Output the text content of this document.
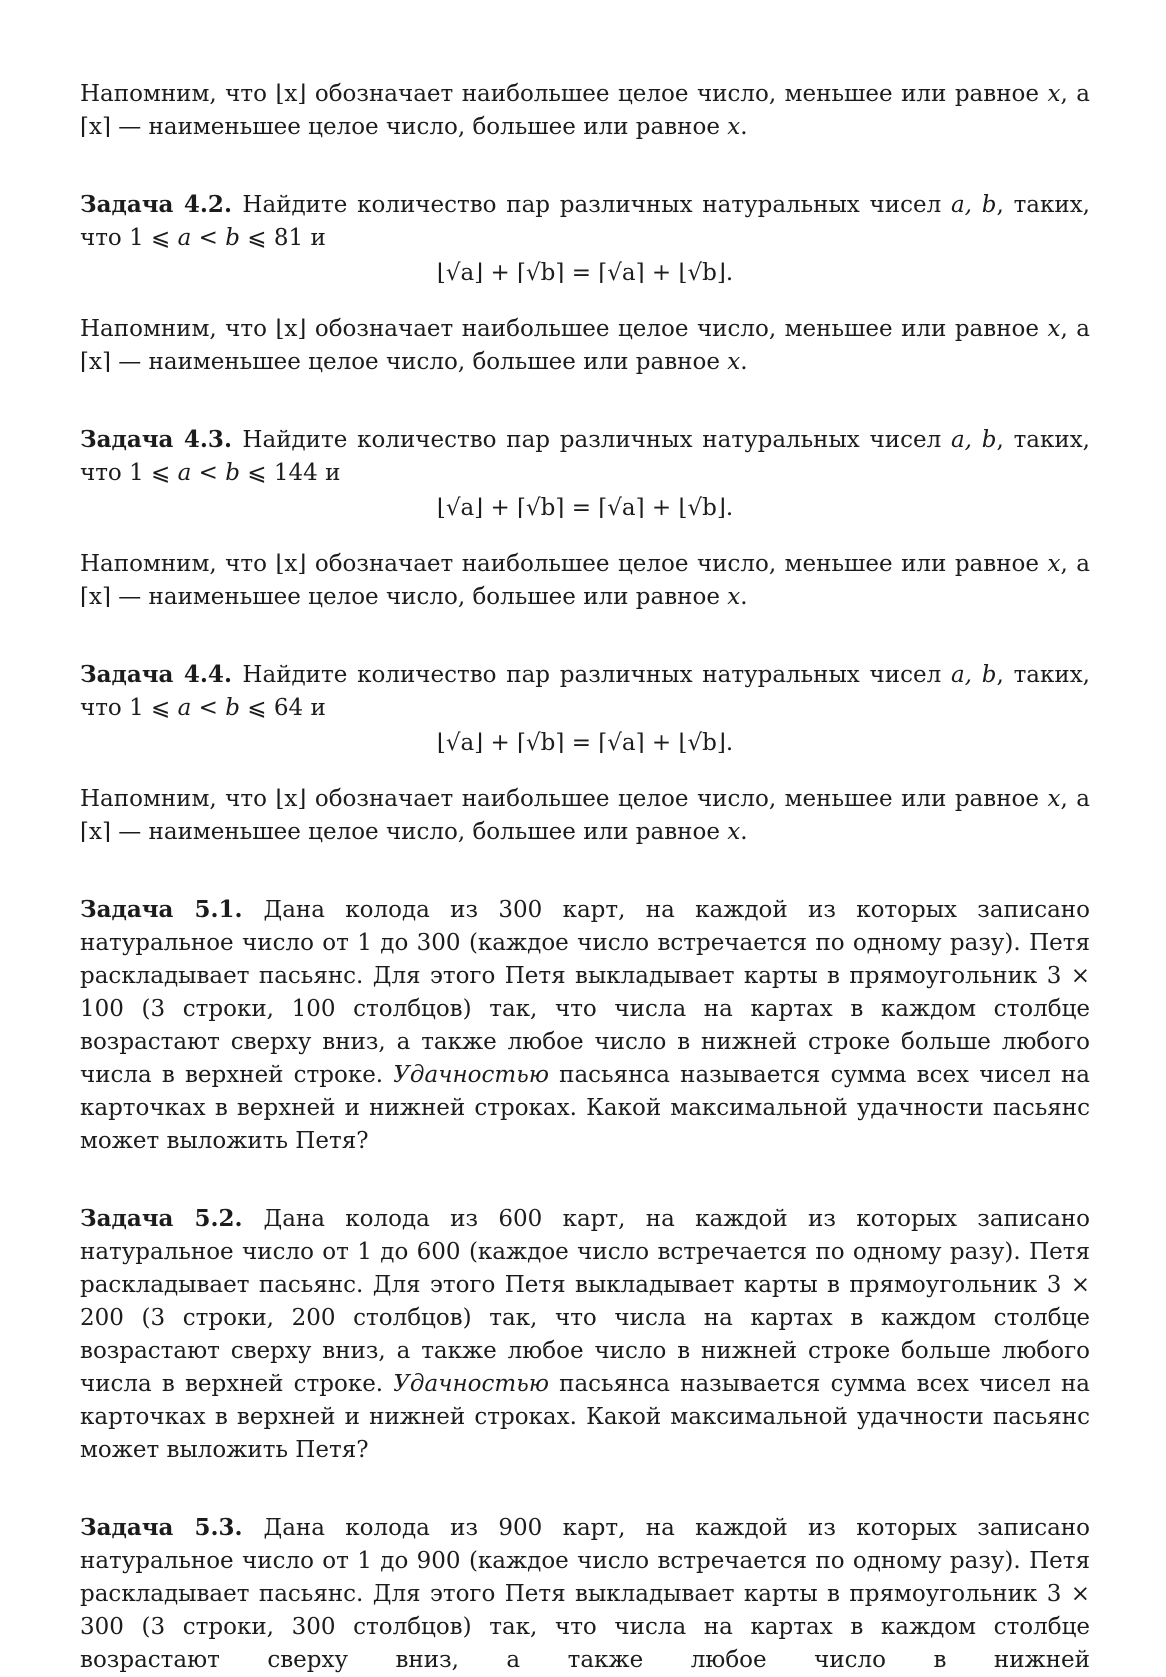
Напомним, что ⌊x⌋ обозначает наибольшее целое число, меньшее или равное x, а ⌈x⌉ — наименьшее целое число, большее или равное x.

Задача 4.2. Найдите количество пар различных натуральных чисел a, b, таких, что 1 ⩽ a < b ⩽ 81 и

⌊√a⌋ + ⌈√b⌉ = ⌈√a⌉ + ⌊√b⌋.

Напомним, что ⌊x⌋ обозначает наибольшее целое число, меньшее или равное x, а ⌈x⌉ — наименьшее целое число, большее или равное x.

Задача 4.3. Найдите количество пар различных натуральных чисел a, b, таких, что 1 ⩽ a < b ⩽ 144 и

⌊√a⌋ + ⌈√b⌉ = ⌈√a⌉ + ⌊√b⌋.

Напомним, что ⌊x⌋ обозначает наибольшее целое число, меньшее или равное x, а ⌈x⌉ — наименьшее целое число, большее или равное x.

Задача 4.4. Найдите количество пар различных натуральных чисел a, b, таких, что 1 ⩽ a < b ⩽ 64 и

⌊√a⌋ + ⌈√b⌉ = ⌈√a⌉ + ⌊√b⌋.

Напомним, что ⌊x⌋ обозначает наибольшее целое число, меньшее или равное x, а ⌈x⌉ — наименьшее целое число, большее или равное x.

Задача 5.1. Дана колода из 300 карт, на каждой из которых записано натуральное число от 1 до 300 (каждое число встречается по одному разу). Петя раскладывает пасьянс. Для этого Петя выкладывает карты в прямоугольник 3 × 100 (3 строки, 100 столбцов) так, что числа на картах в каждом столбце возрастают сверху вниз, а также любое число в нижней строке больше любого числа в верхней строке. Удачностью пасьянса называется сумма всех чисел на карточках в верхней и нижней строках. Какой максимальной удачности пасьянс может выложить Петя?

Задача 5.2. Дана колода из 600 карт, на каждой из которых записано натуральное число от 1 до 600 (каждое число встречается по одному разу). Петя раскладывает пасьянс. Для этого Петя выкладывает карты в прямоугольник 3 × 200 (3 строки, 200 столбцов) так, что числа на картах в каждом столбце возрастают сверху вниз, а также любое число в нижней строке больше любого числа в верхней строке. Удачностью пасьянса называется сумма всех чисел на карточках в верхней и нижней строках. Какой максимальной удачности пасьянс может выложить Петя?

Задача 5.3. Дана колода из 900 карт, на каждой из которых записано натуральное число от 1 до 900 (каждое число встречается по одному разу). Петя раскладывает пасьянс. Для этого Петя выкладывает карты в прямоугольник 3 × 300 (3 строки, 300 столбцов) так, что числа на картах в каждом столбце возрастают сверху вниз, а также любое число в нижней
